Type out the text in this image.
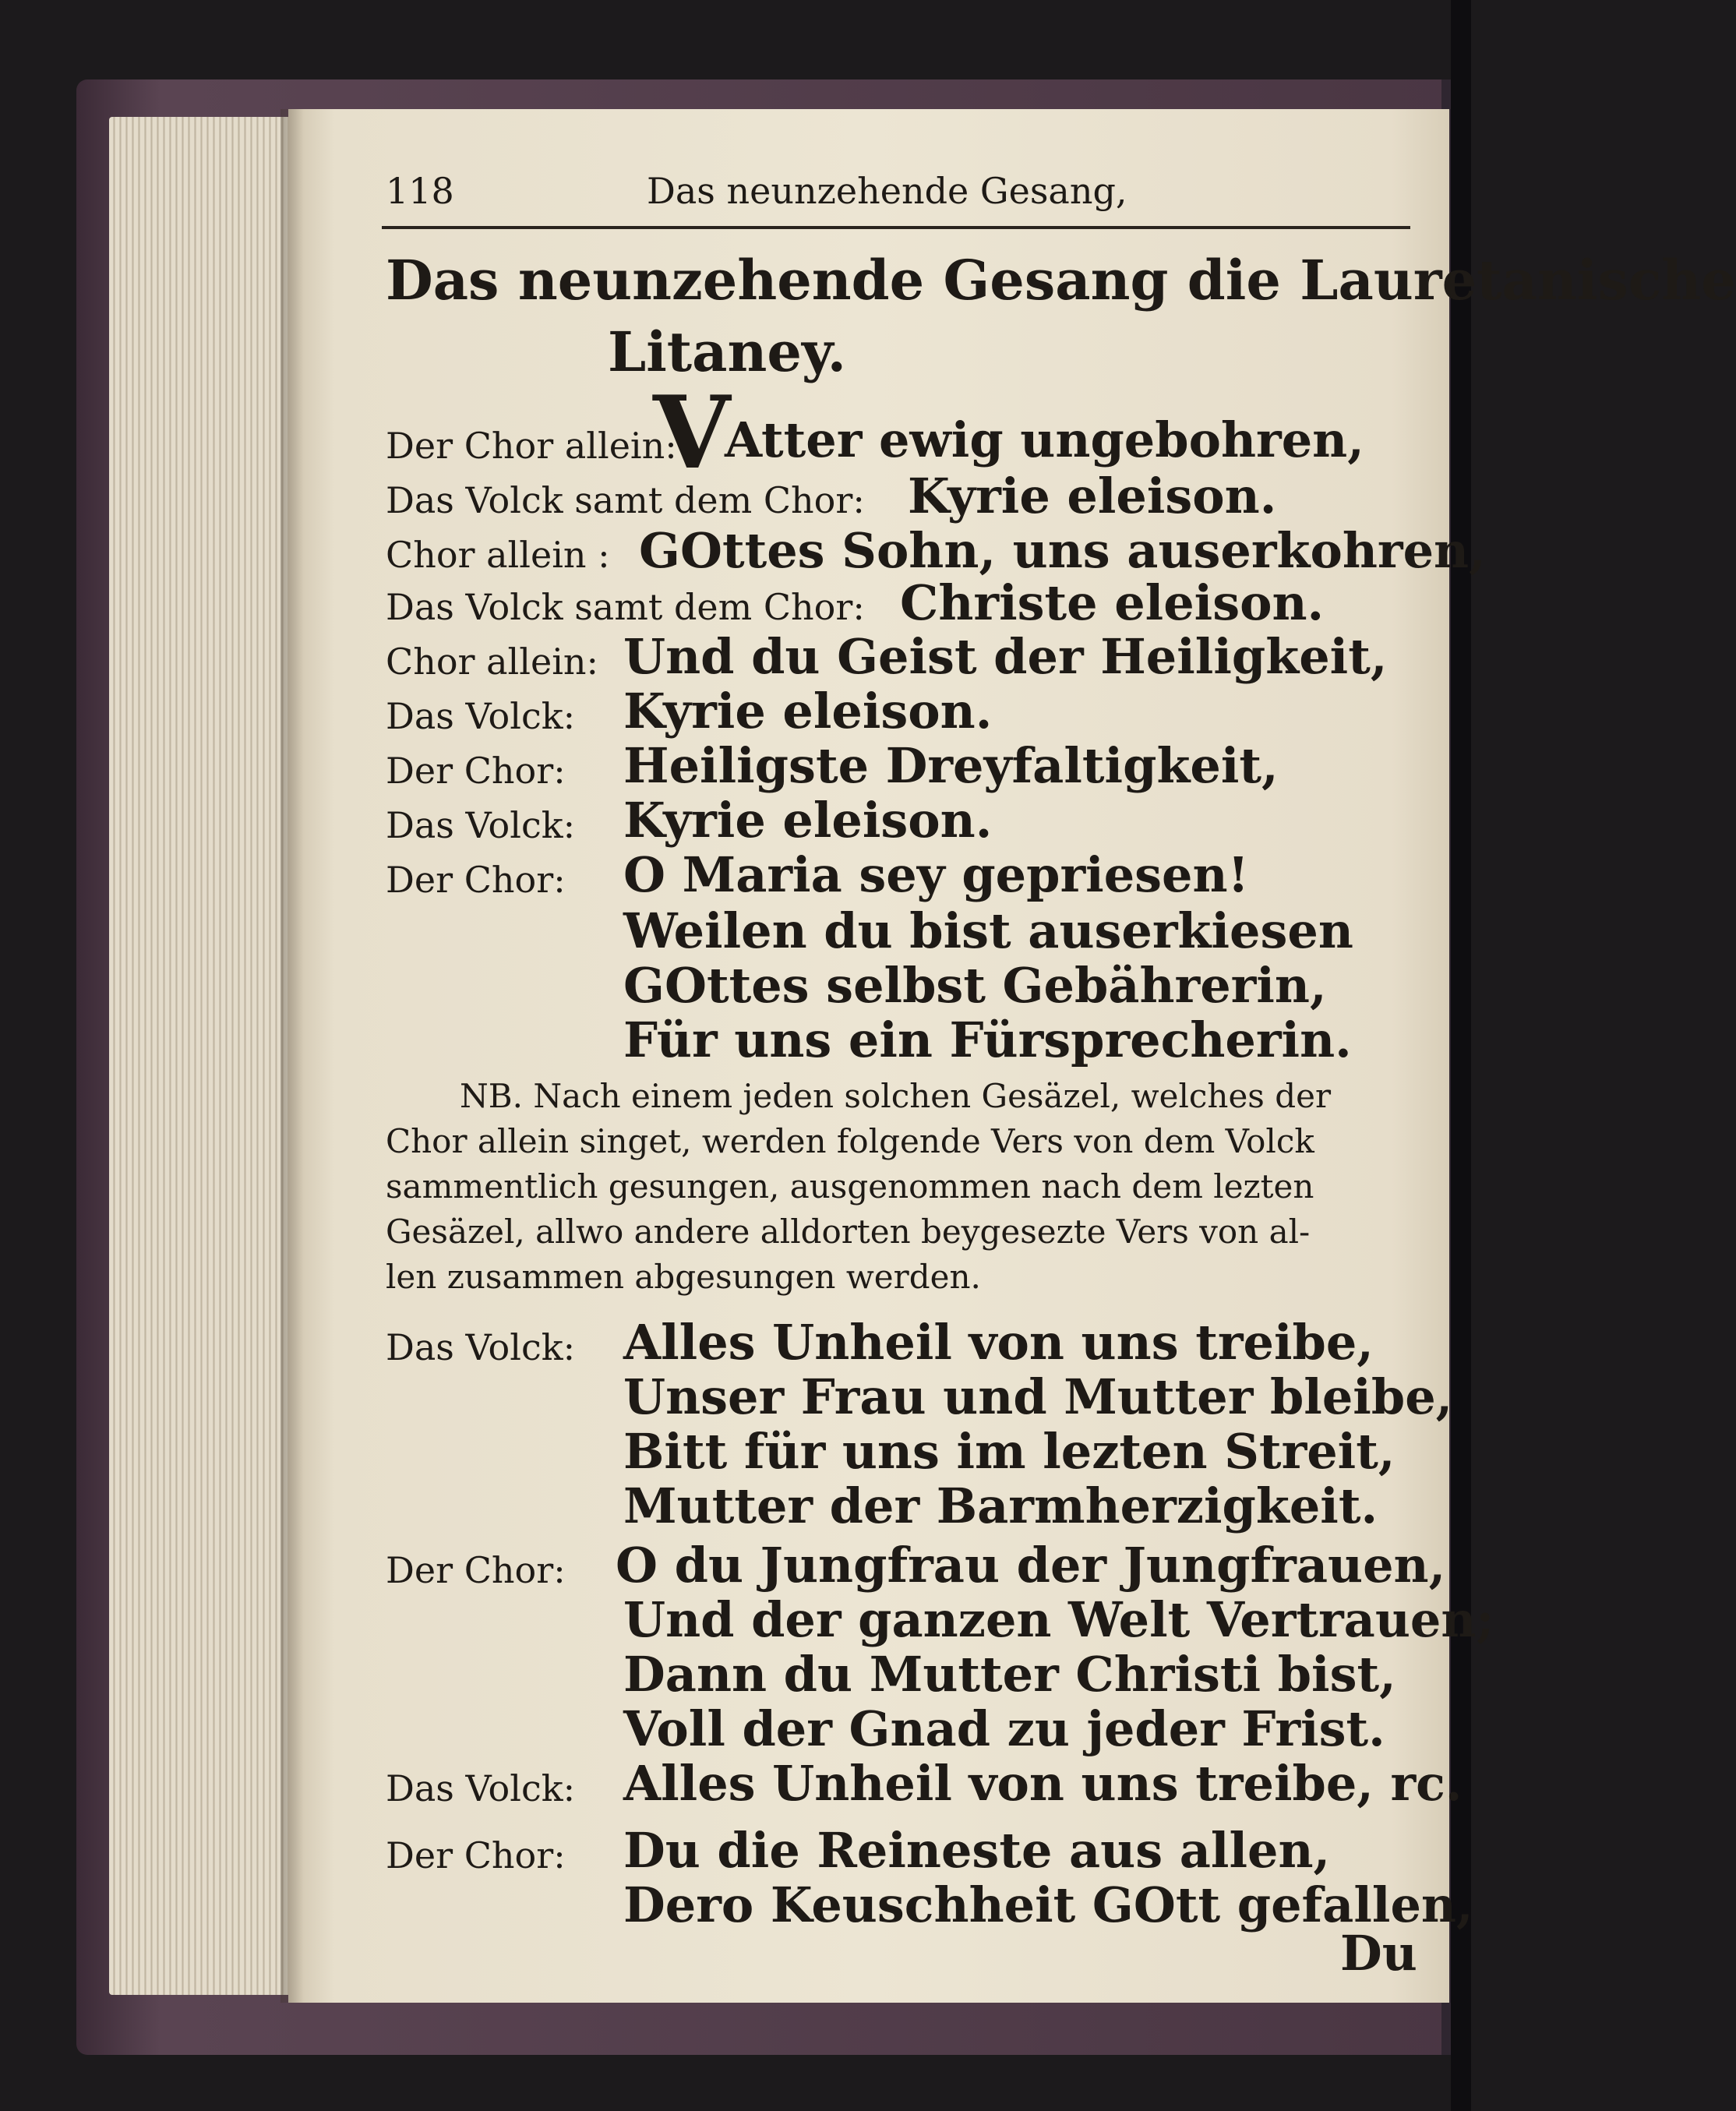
118	Das neunzehende Gesang,
Das neunzehende Gesang die Lauretanische
Litaney.
V
Der Chor allein: Atter ewig ungebohren,
Das Volck samt dem Chor: Kyrie eleison.
Chor allein : GOttes Sohn, uns auserkohren,
Das Volck samt dem Chor: Christe eleison.
Chor allein: Und du Geist der Heiligkeit,
Das Volck: Kyrie eleison.
Der Chor: Heiligste Dreyfaltigkeit,
Das Volck: Kyrie eleison.
Der Chor: O Maria sey gepriesen!
Weilen du bist auserkiesen
GOttes selbst Gebährerin,
Für uns ein Fürsprecherin.
NB. Nach einem jeden solchen Gesäzel, welches der
Chor allein singet, werden folgende Vers von dem Volck
sammentlich gesungen, ausgenommen nach dem lezten
Gesäzel, allwo andere alldorten beygesezte Vers von al-
len zusammen abgesungen werden.
Das Volck: Alles Unheil von uns treibe,
Unser Frau und Mutter bleibe,
Bitt für uns im lezten Streit,
Mutter der Barmherzigkeit.
Der Chor: O du Jungfrau der Jungfrauen,
Und der ganzen Welt Vertrauen;
Dann du Mutter Christi bist,
Voll der Gnad zu jeder Frist.
Das Volck: Alles Unheil von uns treibe, rc.
Der Chor: Du die Reineste aus allen,
Dero Keuschheit GOtt gefallen,
Du
